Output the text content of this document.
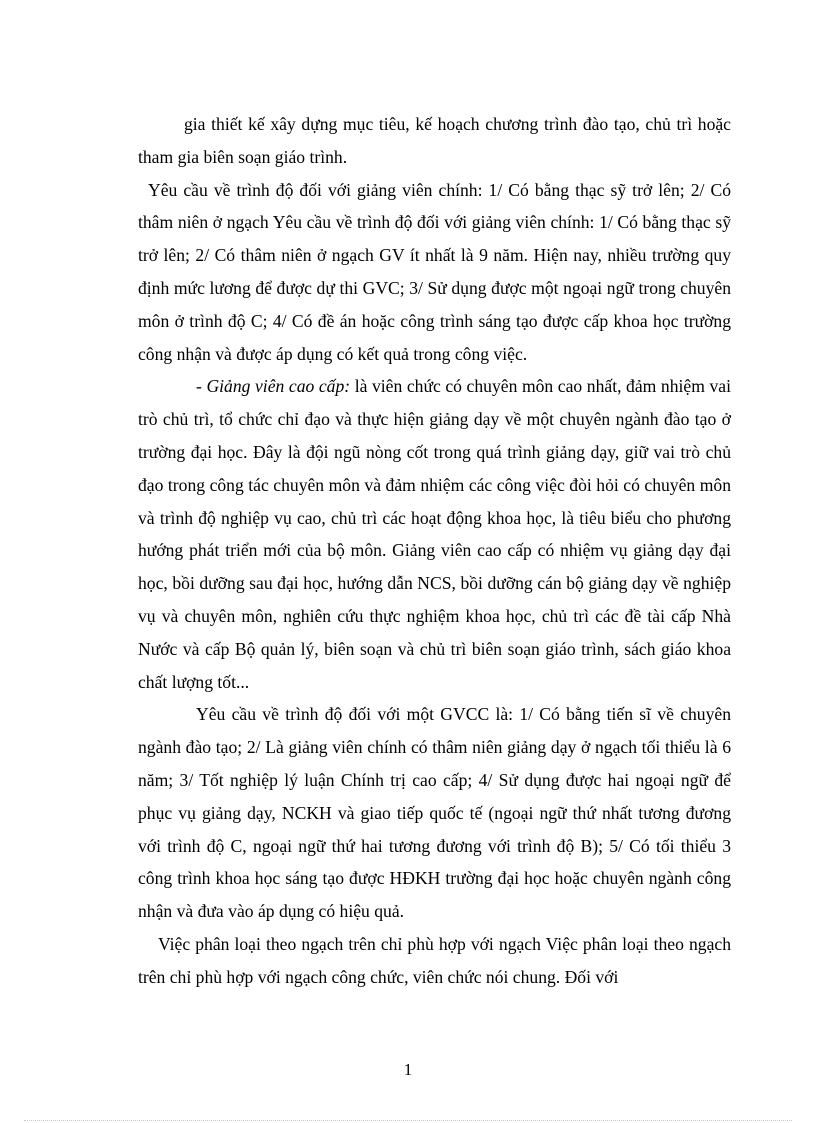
gia thiết kế xây dựng mục tiêu, kế hoạch chương trình đào tạo, chủ trì hoặc tham gia biên soạn giáo trình.

Yêu cầu về trình độ đối với giảng viên chính: 1/ Có bằng thạc sỹ trở lên; 2/ Có thâm niên ở ngạch Yêu cầu về trình độ đối với giảng viên chính: 1/ Có bằng thạc sỹ trở lên; 2/ Có thâm niên ở ngạch GV ít nhất là 9 năm. Hiện nay, nhiều trường quy định mức lương để được dự thi GVC; 3/ Sử dụng được một ngoại ngữ trong chuyên môn ở trình độ C; 4/ Có đề án hoặc công trình sáng tạo được cấp khoa học trường công nhận và được áp dụng có kết quả trong công việc.

- Giảng viên cao cấp: là viên chức có chuyên môn cao nhất, đảm nhiệm vai trò chủ trì, tổ chức chỉ đạo và thực hiện giảng dạy về một chuyên ngành đào tạo ở trường đại học. Đây là đội ngũ nòng cốt trong quá trình giảng dạy, giữ vai trò chủ đạo trong công tác chuyên môn và đảm nhiệm các công việc đòi hỏi có chuyên môn và trình độ nghiệp vụ cao, chủ trì các hoạt động khoa học, là tiêu biểu cho phương hướng phát triển mới của bộ môn. Giảng viên cao cấp có nhiệm vụ giảng dạy đại học, bồi dưỡng sau đại học, hướng dẫn NCS, bồi dưỡng cán bộ giảng dạy về nghiệp vụ và chuyên môn, nghiên cứu thực nghiệm khoa học, chủ trì các đề tài cấp Nhà Nước và cấp Bộ quản lý, biên soạn và chủ trì biên soạn giáo trình, sách giáo khoa chất lượng tốt...

Yêu cầu về trình độ đối với một GVCC là: 1/ Có bằng tiến sĩ về chuyên ngành đào tạo; 2/ Là giảng viên chính có thâm niên giảng dạy ở ngạch tối thiểu là 6 năm; 3/ Tốt nghiệp lý luận Chính trị cao cấp; 4/ Sử dụng được hai ngoại ngữ để phục vụ giảng dạy, NCKH và giao tiếp quốc tế (ngoại ngữ thứ nhất tương đương với trình độ C, ngoại ngữ thứ hai tương đương với trình độ B); 5/ Có tối thiểu 3 công trình khoa học sáng tạo được HĐKH trường đại học hoặc chuyên ngành công nhận và đưa vào áp dụng có hiệu quả.

Việc phân loại theo ngạch trên chỉ phù hợp với ngạch Việc phân loại theo ngạch trên chỉ phù hợp với ngạch công chức, viên chức nói chung. Đối với

1
